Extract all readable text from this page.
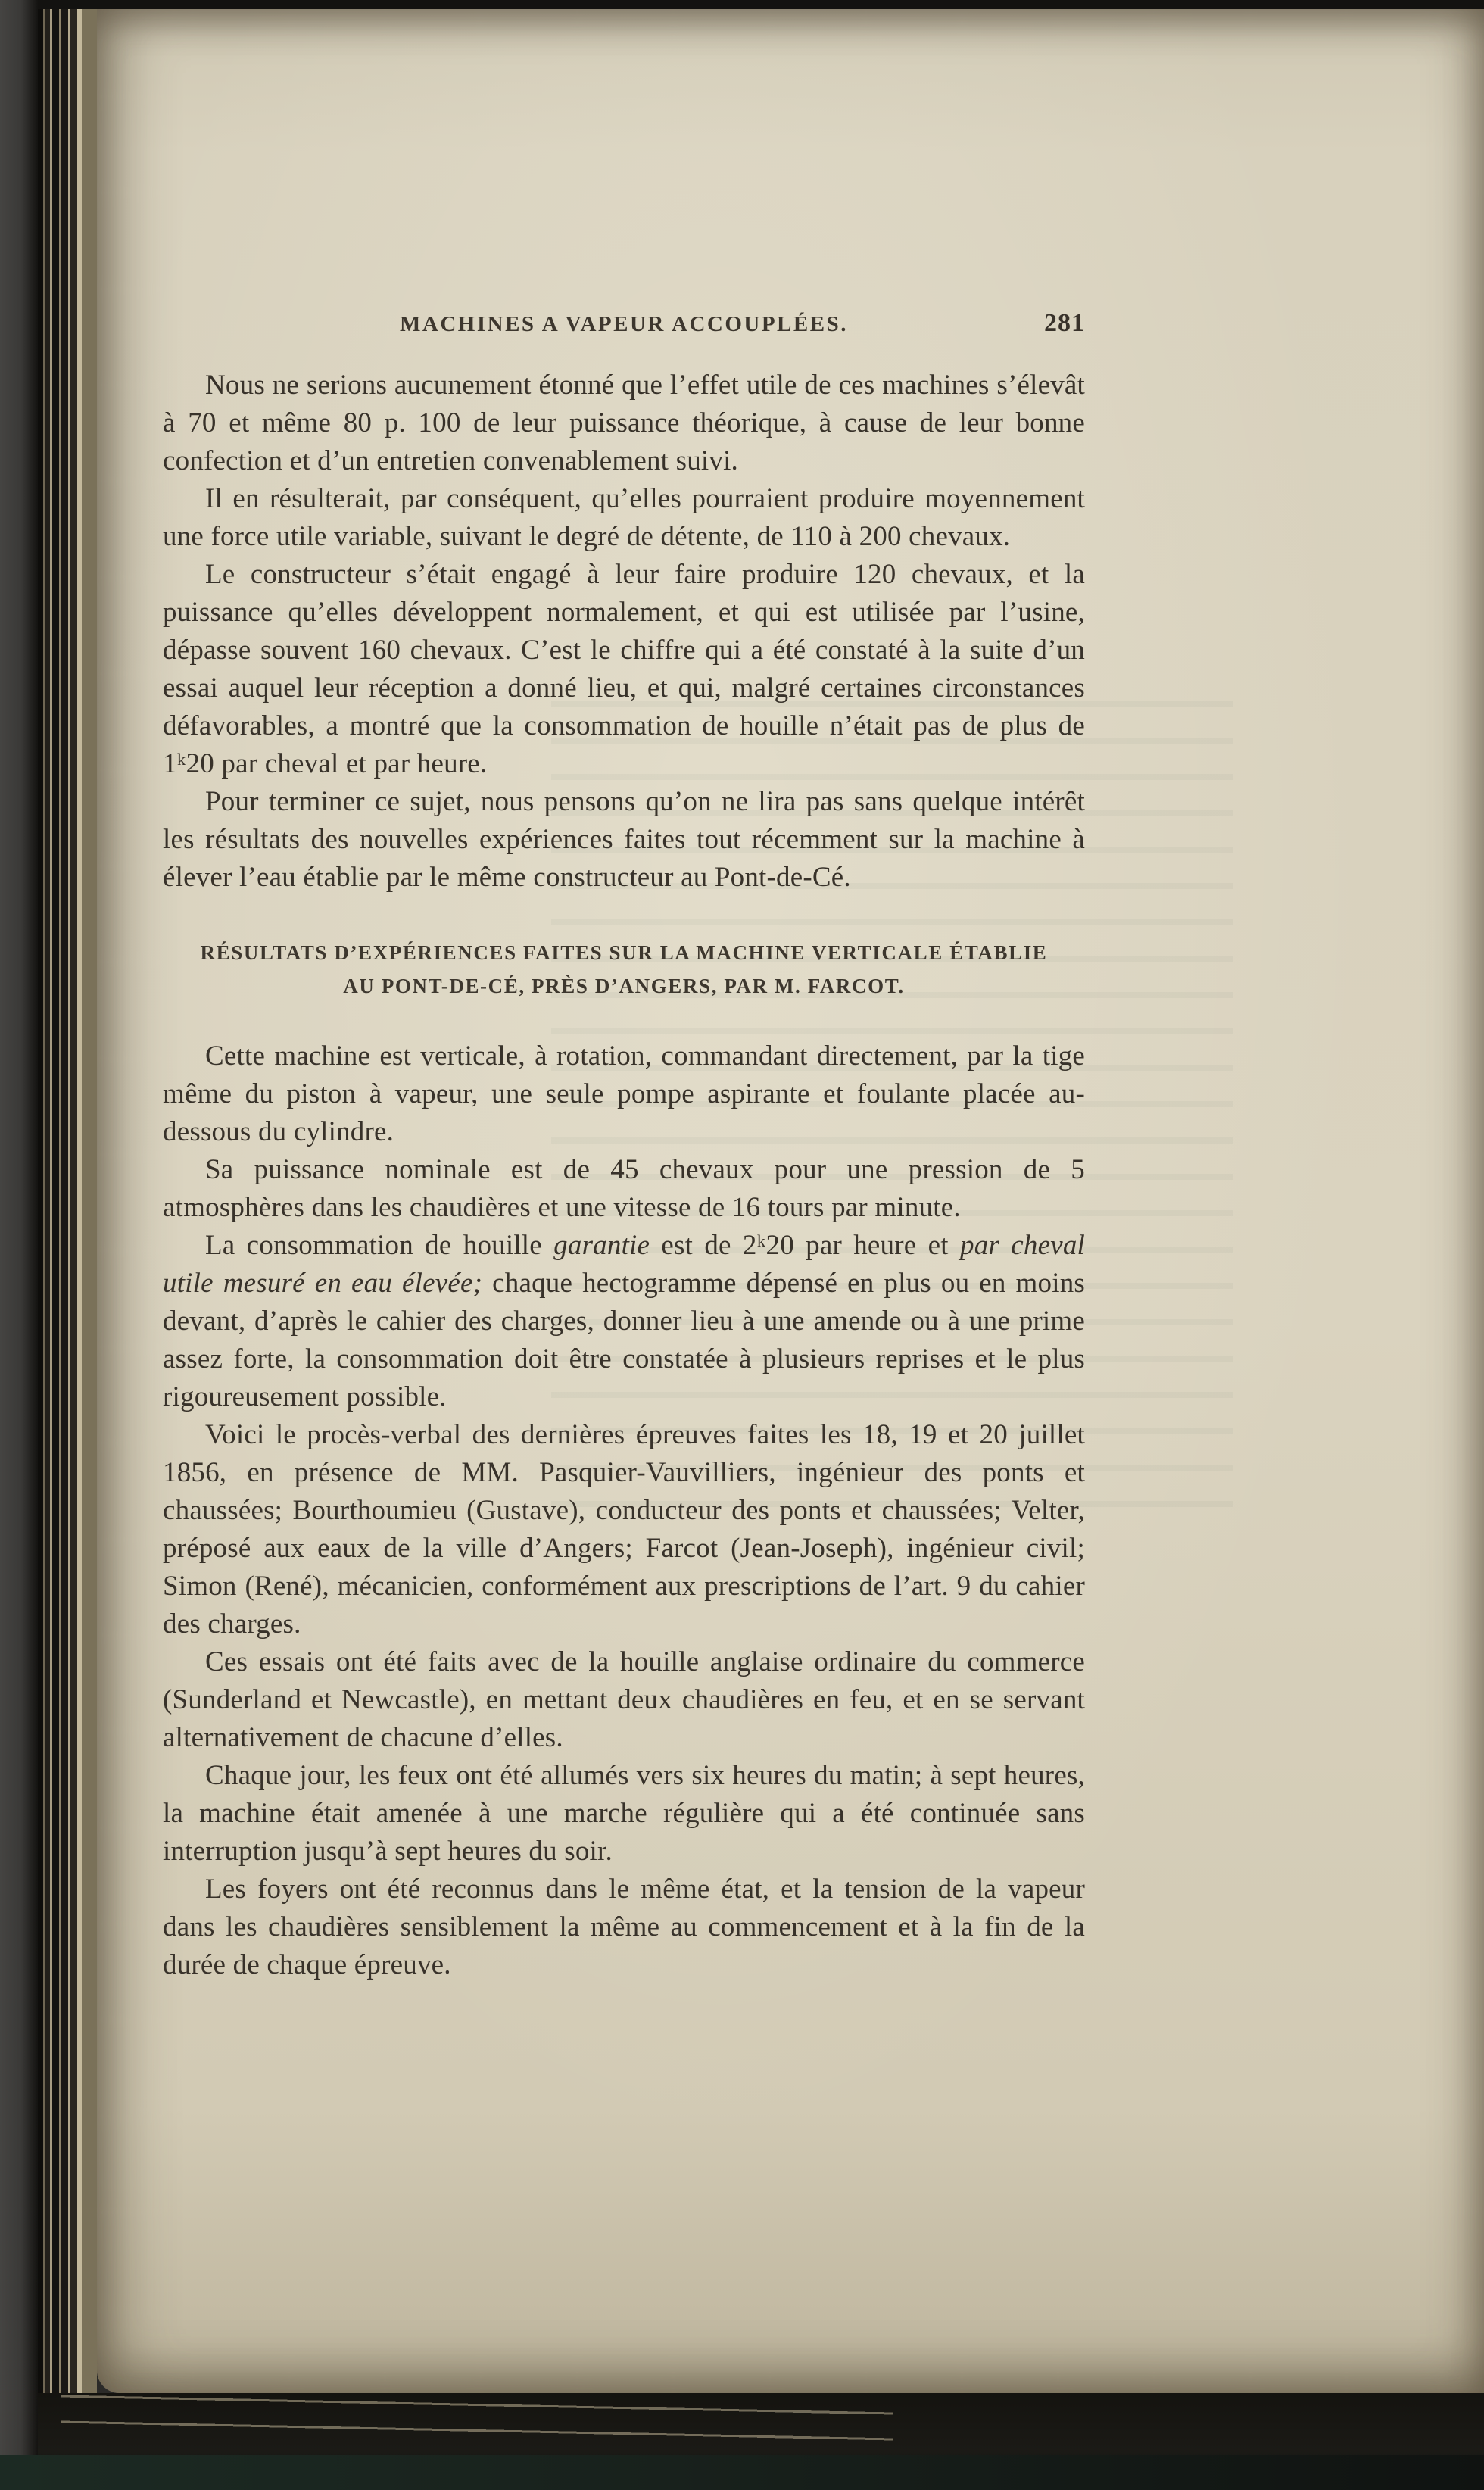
MACHINES A VAPEUR ACCOUPLÉES.	281

Nous ne serions aucunement étonné que l’effet utile de ces machines s’élevât à 70 et même 80 p. 100 de leur puissance théorique, à cause de leur bonne confection et d’un entretien convenablement suivi.

Il en résulterait, par conséquent, qu’elles pourraient produire moyennement une force utile variable, suivant le degré de détente, de 110 à 200 chevaux.

Le constructeur s’était engagé à leur faire produire 120 chevaux, et la puissance qu’elles développent normalement, et qui est utilisée par l’usine, dépasse souvent 160 chevaux. C’est le chiffre qui a été constaté à la suite d’un essai auquel leur réception a donné lieu, et qui, malgré certaines circonstances défavorables, a montré que la consommation de houille n’était pas de plus de 1ᵏ20 par cheval et par heure.

Pour terminer ce sujet, nous pensons qu’on ne lira pas sans quelque intérêt les résultats des nouvelles expériences faites tout récemment sur la machine à élever l’eau établie par le même constructeur au Pont-de-Cé.

RÉSULTATS D’EXPÉRIENCES FAITES SUR LA MACHINE VERTICALE ÉTABLIE
AU PONT-DE-CÉ, PRÈS D’ANGERS, PAR M. FARCOT.

Cette machine est verticale, à rotation, commandant directement, par la tige même du piston à vapeur, une seule pompe aspirante et foulante placée au-dessous du cylindre.

Sa puissance nominale est de 45 chevaux pour une pression de 5 atmosphères dans les chaudières et une vitesse de 16 tours par minute.

La consommation de houille garantie est de 2ᵏ20 par heure et par cheval utile mesuré en eau élevée; chaque hectogramme dépensé en plus ou en moins devant, d’après le cahier des charges, donner lieu à une amende ou à une prime assez forte, la consommation doit être constatée à plusieurs reprises et le plus rigoureusement possible.

Voici le procès-verbal des dernières épreuves faites les 18, 19 et 20 juillet 1856, en présence de MM. Pasquier-Vauvilliers, ingénieur des ponts et chaussées; Bourthoumieu (Gustave), conducteur des ponts et chaussées; Velter, préposé aux eaux de la ville d’Angers; Farcot (Jean-Joseph), ingénieur civil; Simon (René), mécanicien, conformément aux prescriptions de l’art. 9 du cahier des charges.

Ces essais ont été faits avec de la houille anglaise ordinaire du commerce (Sunderland et Newcastle), en mettant deux chaudières en feu, et en se servant alternativement de chacune d’elles.

Chaque jour, les feux ont été allumés vers six heures du matin; à sept heures, la machine était amenée à une marche régulière qui a été continuée sans interruption jusqu’à sept heures du soir.

Les foyers ont été reconnus dans le même état, et la tension de la vapeur dans les chaudières sensiblement la même au commencement et à la fin de la durée de chaque épreuve.
